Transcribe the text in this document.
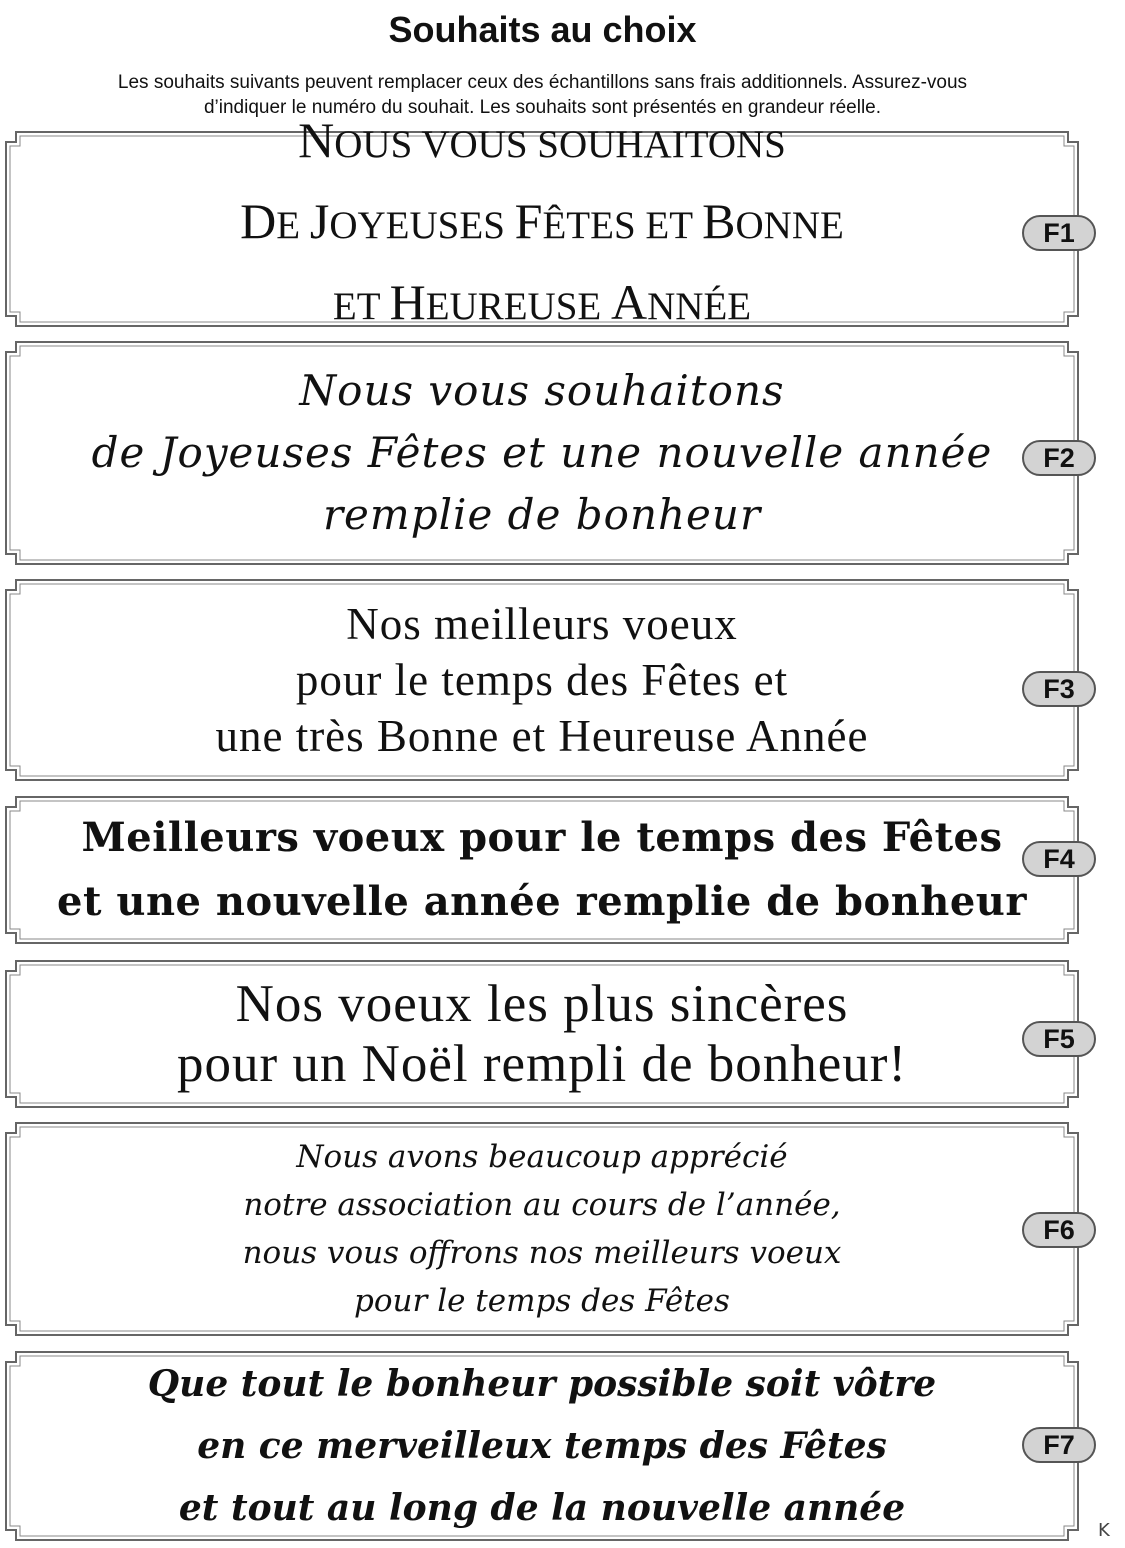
Souhaits au choix
Les souhaits suivants peuvent remplacer ceux des échantillons sans frais additionnels. Assurez-vous
d’indiquer le numéro du souhait. Les souhaits sont présentés en grandeur réelle.
NOUS VOUS SOUHAITONS
DE JOYEUSES FÊTES ET BONNE
ET HEUREUSE ANNÉE
F1
Nous vous souhaitons
de Joyeuses Fêtes et une nouvelle année
remplie de bonheur
F2
Nos meilleurs voeux
pour le temps des Fêtes et
une très Bonne et Heureuse Année
F3
Meilleurs voeux pour le temps des Fêtes
et une nouvelle année remplie de bonheur
F4
Nos voeux les plus sincères
pour un Noël rempli de bonheur!	F5
Nous avons beaucoup apprécié
notre association au cours de l’année,
nous vous offrons nos meilleurs voeux
pour le temps des Fêtes
F6
Que tout le bonheur possible soit vôtre
en ce merveilleux temps des Fêtes
et tout au long de la nouvelle année
F7
K
